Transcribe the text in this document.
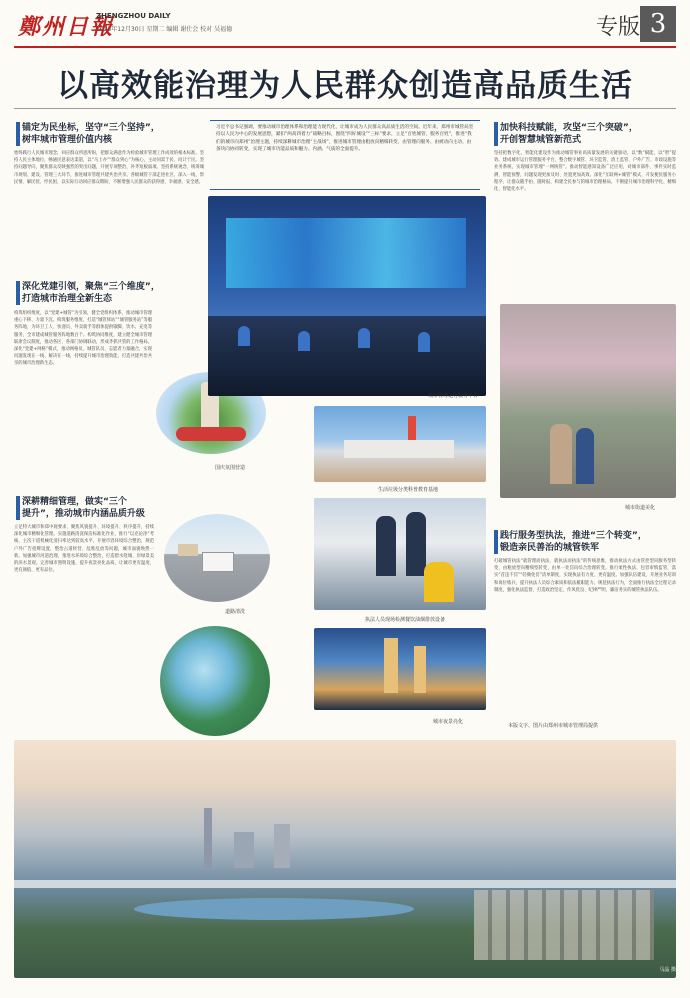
鄭州日報
ZHENGZHOU DAILY
2025年12月30日 星期二 编辑 谢仕会 校对 吴福德	专版 3
以高效能治理为人民群众创造高品质生活
锚定为民坐标，坚守“三个坚持”，
树牢城市管理价值内核
始终践行人民城市理念，回应群众所思所盼，把群众满意作为检验城市管理工作成效的根本标准。坚持人民主体地位，畅通民意表达渠道，以“马上办”“群众到心”为核心，主动问需于民、问计于民。坚持问题导向，聚焦群众反映强烈的突出问题，开展专项整治，补齐短板弱项。坚持系统观念，统筹城市规划、建设、管理三大环节，推进城市管理共建共治共享。各级城管干部走进社区、深入一线，察民情、解民忧、纾民困，以实际行动回应群众期盼，不断增强人民群众的获得感、幸福感、安全感。
深化党建引领，聚焦“三个维度”，
打造城市治理全新生态
构筑组织维度，以“党建+城管”为引领，健全党组织体系，推动城市管理重心下移、力量下沉。构筑服务维度，打造“城管驿站”“城管服务站”等服务阵地，为环卫工人、快递员、外卖骑手等群体提供歇脚、饮水、充电等服务，全市建成城管服务阵地数百个。构筑协同维度，建立健全城市管理联席会议制度，推动各区、各部门协调联动，形成齐抓共管的工作格局。深化“党建+网格”模式，推动网格员、城管队员、志愿者力量融合，实现问题发现在一线、解决在一线，持续提升城市治理效能，打造共建共治共享的城市治理新生态。
深耕精细管理，做实“三个
提升”，推动城市内涵品质升级
立足特大城市和郑中观要求，聚焦风貌提升、环境提升、秩序提升，持续深化城市精细化管理。实施道路清洗保洁标准化作业，推行“以克论净”考核，主次干道机械化清扫率达到较高水平。开展市容环境综合整治，规范户外广告招牌设置，整治占道经营、乱堆乱放等问题，城市面貌焕然一新。加强城市河道治理，推进水环境综合整治，打造碧水绕城、岸绿景美的滨水景观。完善城市照明设施，提升夜景亮化品质，让城市更有温度、更有颜值、更有品位。
国庆氛围营造
道路清洗
习近平总书记强调，要推动城市治理体系和治理能力现代化，让城市成为人民群众高品质生活的空间。近年来，郑州市城管局坚持以人民为中心的发展思想，紧扣“两高四着力”战略目标，围绕“四好城设”“三标”要求，立足“百姓城管，服务百姓”，推进“我们的城市向郑州”治理主题，持续深耕城市治理“主战场”，推进城市管理由粗放向精细转变、由管理向服务、由被动向主动、由条块向协同转变，实现了城市功能品质和魅力、内涵、气质的全面提升。
城市管理运行服务平台
生活垃圾分类科普教育基地
执法人员现场检测餐饮油烟排放设备
城市夜景亮化
加快科技赋能，攻坚“三个突破”，
开创智慧城管新范式
坚持把数字化、智能化建设作为推动城管事业高质量发展的关键驱动，以“数”赋能、以“智”提效。建成城市运行管理服务平台，整合数字城管、环卫监管、渣土监管、户外广告、市政设施等业务系统，实现城市管理“一网统管”。推动智能感知设备广泛应用，对城市部件、事件实时监测、智能预警，问题发现更加及时、处置更加高效。深化“互联网+城管”模式，开发便民服务小程序，让群众随手拍、随时报，构建全民参与的城市治理格局，不断提升城市治理科学化、精细化、智能化水平。
城市街道美化
践行服务型执法，推进“三个转变”，
锻造亲民善治的城管铁军
打破城管执法“就管理而执法、就执法而执法”的传统思维，推动执法方式由管控型向服务型转变、由粗放型向精细型转变、由单一处罚向综合治理转变。推行柔性执法、包容审慎监管，落实“首违不罚”“轻微免罚”清单制度，实现执法有力度、更有温度。加强队伍建设，开展业务培训和岗位练兵，提升执法人员综合素质和依法履职能力。规范执法行为，全面推行执法全过程记录制度，强化执法监督，打造政治坚定、作风优良、纪律严明、廉洁务实的城管执法队伍。
本版文字、图片由郑州市城市管理局提供
马晶 摄
